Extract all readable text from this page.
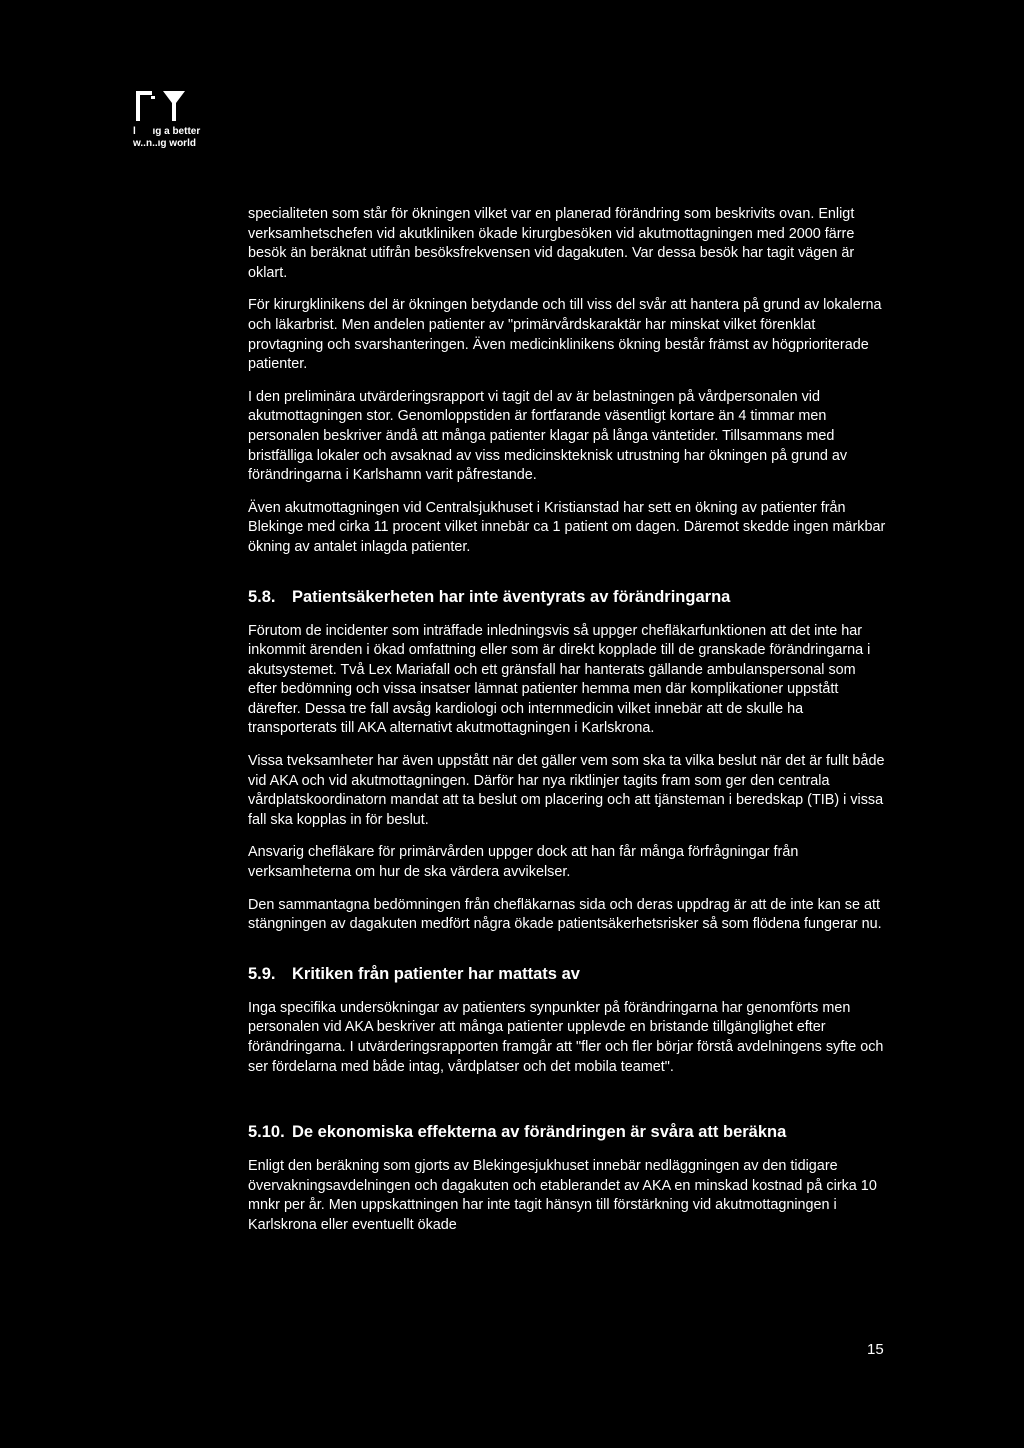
l      ıg a better
w..n..ıg world

specialiteten som står för ökningen vilket var en planerad förändring som beskrivits ovan. Enligt verksamhetschefen vid akutkliniken ökade kirurgbesöken vid akutmottagningen med 2000 färre besök än beräknat utifrån besöksfrekvensen vid dagakuten. Var dessa besök har tagit vägen är oklart.

För kirurgklinikens del är ökningen betydande och till viss del svår att hantera på grund av lokalerna och läkarbrist. Men andelen patienter av "primärvårdskaraktär har minskat vilket förenklat provtagning och svarshanteringen. Även medicinklinikens ökning består främst av högprioriterade patienter.

I den preliminära utvärderingsrapport vi tagit del av är belastningen på vårdpersonalen vid akutmottagningen stor. Genomloppstiden är fortfarande väsentligt kortare än 4 timmar men personalen beskriver ändå att många patienter klagar på långa väntetider. Tillsammans med bristfälliga lokaler och avsaknad av viss medicinskteknisk utrustning har ökningen på grund av förändringarna i Karlshamn varit påfrestande.

Även akutmottagningen vid Centralsjukhuset i Kristianstad har sett en ökning av patienter från Blekinge med cirka 11 procent vilket innebär ca 1 patient om dagen. Däremot skedde ingen märkbar ökning av antalet inlagda patienter.

5.8. Patientsäkerheten har inte äventyrats av förändringarna

Förutom de incidenter som inträffade inledningsvis så uppger chefläkarfunktionen att det inte har inkommit ärenden i ökad omfattning eller som är direkt kopplade till de granskade förändringarna i akutsystemet. Två Lex Mariafall och ett gränsfall har hanterats gällande ambulanspersonal som efter bedömning och vissa insatser lämnat patienter hemma men där komplikationer uppstått därefter. Dessa tre fall avsåg kardiologi och internmedicin vilket innebär att de skulle ha transporterats till AKA alternativt akutmottagningen i Karlskrona.

Vissa tveksamheter har även uppstått när det gäller vem som ska ta vilka beslut när det är fullt både vid AKA och vid akutmottagningen. Därför har nya riktlinjer tagits fram som ger den centrala vårdplatskoordinatorn mandat att ta beslut om placering och att tjänsteman i beredskap (TIB) i vissa fall ska kopplas in för beslut.

Ansvarig chefläkare för primärvården uppger dock att han får många förfrågningar från verksamheterna om hur de ska värdera avvikelser.

Den sammantagna bedömningen från chefläkarnas sida och deras uppdrag är att de inte kan se att stängningen av dagakuten medfört några ökade patientsäkerhetsrisker så som flödena fungerar nu.

5.9. Kritiken från patienter har mattats av

Inga specifika undersökningar av patienters synpunkter på förändringarna har genomförts men personalen vid AKA beskriver att många patienter upplevde en bristande tillgänglighet efter förändringarna. I utvärderingsrapporten framgår att "fler och fler börjar förstå avdelningens syfte och ser fördelarna med både intag, vårdplatser och det mobila teamet".

5.10. De ekonomiska effekterna av förändringen är svåra att beräkna

Enligt den beräkning som gjorts av Blekingesjukhuset innebär nedläggningen av den tidigare övervakningsavdelningen och dagakuten och etablerandet av AKA en minskad kostnad på cirka 10 mnkr per år. Men uppskattningen har inte tagit hänsyn till förstärkning vid akutmottagningen i Karlskrona eller eventuellt ökade

15
